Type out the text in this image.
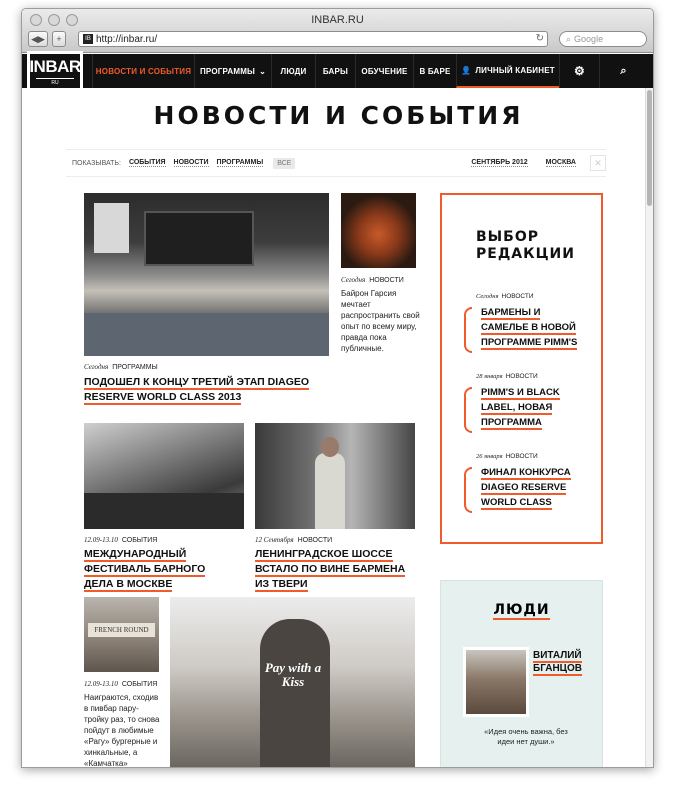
INBAR.RU
◀▶	+	IB http://inbar.ru/	↻ ⌕ Google
INBAR
RU
НОВОСТИ И СОБЫТИЯ ПРОГРАММЫ ⌄ ЛЮДИ БАРЫ ОБУЧЕНИЕ В БАРЕ 👤 ЛИЧНЫЙ КАБИНЕТ	⚙	⌕
НОВОСТИ И СОБЫТИЯ
ПОКАЗЫВАТЬ: СОБЫТИЯ НОВОСТИ ПРОГРАММЫ	ВСЕ	СЕНТЯБРЬ 2012	МОСКВА	✕
Сегодня ПРОГРАММЫ
ПОДОШЕЛ К КОНЦУ ТРЕТИЙ ЭТАП DIAGEO RESERVE WORLD CLASS 2013
Сегодня НОВОСТИ
Байрон Гарсия мечтает распространить свой опыт по всему миру, правда пока публичные.
12.09-13.10 СОБЫТИЯ
МЕЖДУНАРОДНЫЙ ФЕСТИВАЛЬ БАРНОГО ДЕЛА В МОСКВЕ
12 Сентября НОВОСТИ
ЛЕНИНГРАДСКОЕ ШОССЕ ВСТАЛО ПО ВИНЕ БАРМЕНА ИЗ ТВЕРИ
FRENCH ROUND
12.09-13.10 СОБЫТИЯ
Наиграются, сходив в пивбар пару-тройку раз, то снова пойдут в любимые «Рагу» бургерные и хинкальные, а «Камчатка»
Pay with a Kiss
ВЫБОР РЕДАКЦИИ
Сегодня НОВОСТИ
БАРМЕНЫ И САМЕЛЬЕ В НОВОЙ ПРОГРАММЕ PIMM'S
28 января НОВОСТИ
PIMM'S И BLACK LABEL, НОВАЯ ПРОГРАММА
26 января НОВОСТИ
ФИНАЛ КОНКУРСА DIAGEO RESERVE WORLD CLASS
ЛЮДИ
ВИТАЛИЙ БГАНЦОВ
«Идея очень важна, без идеи нет души.»
